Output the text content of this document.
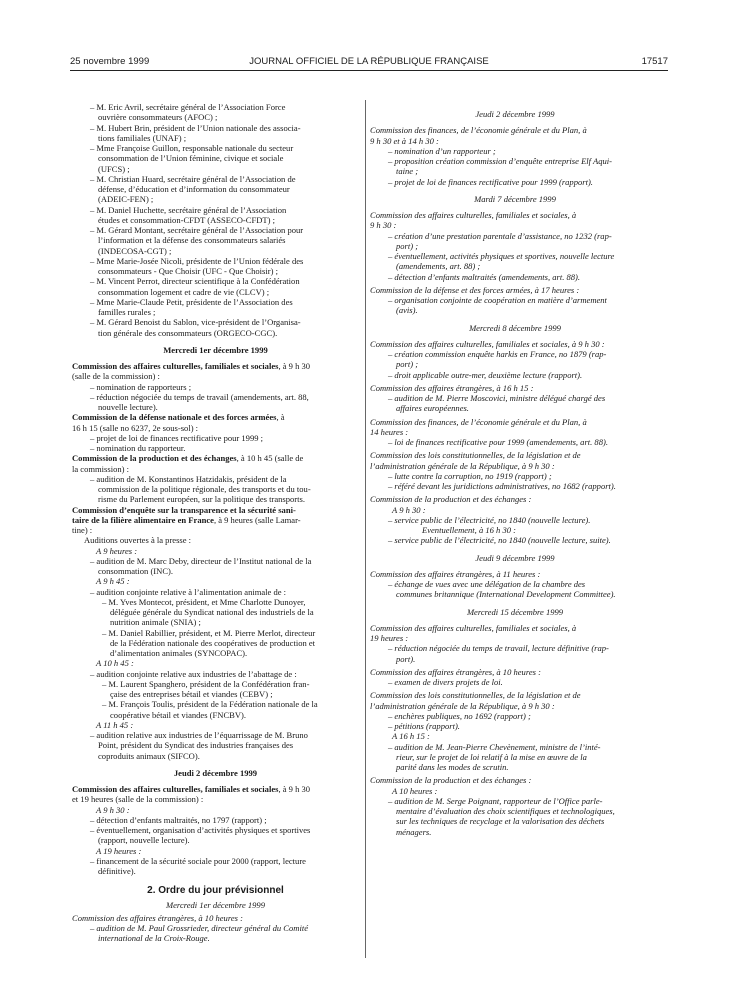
25 novembre 1999	JOURNAL OFFICIEL DE LA RÉPUBLIQUE FRANÇAISE	17517
– M. Eric Avril, secrétaire général de l’Association Force
ouvrière consommateurs (AFOC) ;
– M. Hubert Brin, président de l’Union nationale des associa-
tions familiales (UNAF) ;
– Mme Françoise Guillon, responsable nationale du secteur
consommation de l’Union féminine, civique et sociale
(UFCS) ;
– M. Christian Huard, secrétaire général de l’Association de
défense, d’éducation et d’information du consommateur
(ADEIC-FEN) ;
– M. Daniel Huchette, secrétaire général de l’Association
études et consommation-CFDT (ASSECO-CFDT) ;
– M. Gérard Montant, secrétaire général de l’Association pour
l’information et la défense des consommateurs salariés
(INDECOSA-CGT) ;
– Mme Marie-Josée Nicoli, présidente de l’Union fédérale des
consommateurs - Que Choisir (UFC - Que Choisir) ;
– M. Vincent Perrot, directeur scientifique à la Confédération
consommation logement et cadre de vie (CLCV) ;
– Mme Marie-Claude Petit, présidente de l’Association des
familles rurales ;
– M. Gérard Benoist du Sablon, vice-président de l’Organisa-
tion générale des consommateurs (ORGECO-CGC).
Mercredi 1er décembre 1999
Commission des affaires culturelles, familiales et sociales, à 9 h 30
(salle de la commission) :
– nomination de rapporteurs ;
– réduction négociée du temps de travail (amendements, art. 88,
nouvelle lecture).
Commission de la défense nationale et des forces armées, à
16 h 15 (salle no 6237, 2e sous-sol) :
– projet de loi de finances rectificative pour 1999 ;
– nomination du rapporteur.
Commission de la production et des échanges, à 10 h 45 (salle de
la commission) :
– audition de M. Konstantinos Hatzidakis, président de la
commission de la politique régionale, des transports et du tou-
risme du Parlement européen, sur la politique des transports.
Commission d’enquête sur la transparence et la sécurité sani-
taire de la filière alimentaire en France, à 9 heures (salle Lamar-
tine) :
Auditions ouvertes à la presse :
A 9 heures :
– audition de M. Marc Deby, directeur de l’Institut national de la
consommation (INC).
A 9 h 45 :
– audition conjointe relative à l’alimentation animale de :
– M. Yves Montecot, président, et Mme Charlotte Dunoyer,
déléguée générale du Syndicat national des industriels de la
nutrition animale (SNIA) ;
– M. Daniel Rabillier, président, et M. Pierre Merlot, directeur
de la Fédération nationale des coopératives de production et
d’alimentation animales (SYNCOPAC).
A 10 h 45 :
– audition conjointe relative aux industries de l’abattage de :
– M. Laurent Spanghero, président de la Confédération fran-
çaise des entreprises bétail et viandes (CEBV) ;
– M. François Toulis, président de la Fédération nationale de la
coopérative bétail et viandes (FNCBV).
A 11 h 45 :
– audition relative aux industries de l’équarrissage de M. Bruno
Point, président du Syndicat des industries françaises des
coproduits animaux (SIFCO).
Jeudi 2 décembre 1999
Commission des affaires culturelles, familiales et sociales, à 9 h 30
et 19 heures (salle de la commission) :
A 9 h 30 :
– détection d’enfants maltraités, no 1797 (rapport) ;
– éventuellement, organisation d’activités physiques et sportives
(rapport, nouvelle lecture).
A 19 heures :
– financement de la sécurité sociale pour 2000 (rapport, lecture
définitive).
2. Ordre du jour prévisionnel
Mercredi 1er décembre 1999
Commission des affaires étrangères, à 10 heures :
– audition de M. Paul Grossrieder, directeur général du Comité
international de la Croix-Rouge.
Jeudi 2 décembre 1999
Commission des finances, de l’économie générale et du Plan, à
9 h 30 et à 14 h 30 :
– nomination d’un rapporteur ;
– proposition création commission d’enquête entreprise Elf Aqui-
taine ;
– projet de loi de finances rectificative pour 1999 (rapport).
Mardi 7 décembre 1999
Commission des affaires culturelles, familiales et sociales, à
9 h 30 :
– création d’une prestation parentale d’assistance, no 1232 (rap-
port) ;
– éventuellement, activités physiques et sportives, nouvelle lecture
(amendements, art. 88) ;
– détection d’enfants maltraités (amendements, art. 88).
Commission de la défense et des forces armées, à 17 heures :
– organisation conjointe de coopération en matière d’armement
(avis).
Mercredi 8 décembre 1999
Commission des affaires culturelles, familiales et sociales, à 9 h 30 :
– création commission enquête harkis en France, no 1879 (rap-
port) ;
– droit applicable outre-mer, deuxième lecture (rapport).
Commission des affaires étrangères, à 16 h 15 :
– audition de M. Pierre Moscovici, ministre délégué chargé des
affaires européennes.
Commission des finances, de l’économie générale et du Plan, à
14 heures :
– loi de finances rectificative pour 1999 (amendements, art. 88).
Commission des lois constitutionnelles, de la législation et de
l’administration générale de la République, à 9 h 30 :
– lutte contre la corruption, no 1919 (rapport) ;
– référé devant les juridictions administratives, no 1682 (rapport).
Commission de la production et des échanges :
A 9 h 30 :
– service public de l’électricité, no 1840 (nouvelle lecture).
Eventuellement, à 16 h 30 :
– service public de l’électricité, no 1840 (nouvelle lecture, suite).
Jeudi 9 décembre 1999
Commission des affaires étrangères, à 11 heures :
– échange de vues avec une délégation de la chambre des
communes britannique (International Development Committee).
Mercredi 15 décembre 1999
Commission des affaires culturelles, familiales et sociales, à
19 heures :
– réduction négociée du temps de travail, lecture définitive (rap-
port).
Commission des affaires étrangères, à 10 heures :
– examen de divers projets de loi.
Commission des lois constitutionnelles, de la législation et de
l’administration générale de la République, à 9 h 30 :
– enchères publiques, no 1692 (rapport) ;
– pétitions (rapport).
A 16 h 15 :
– audition de M. Jean-Pierre Chevènement, ministre de l’inté-
rieur, sur le projet de loi relatif à la mise en œuvre de la
parité dans les modes de scrutin.
Commission de la production et des échanges :
A 10 heures :
– audition de M. Serge Poignant, rapporteur de l’Office parle-
mentaire d’évaluation des choix scientifiques et technologiques,
sur les techniques de recyclage et la valorisation des déchets
ménagers.
